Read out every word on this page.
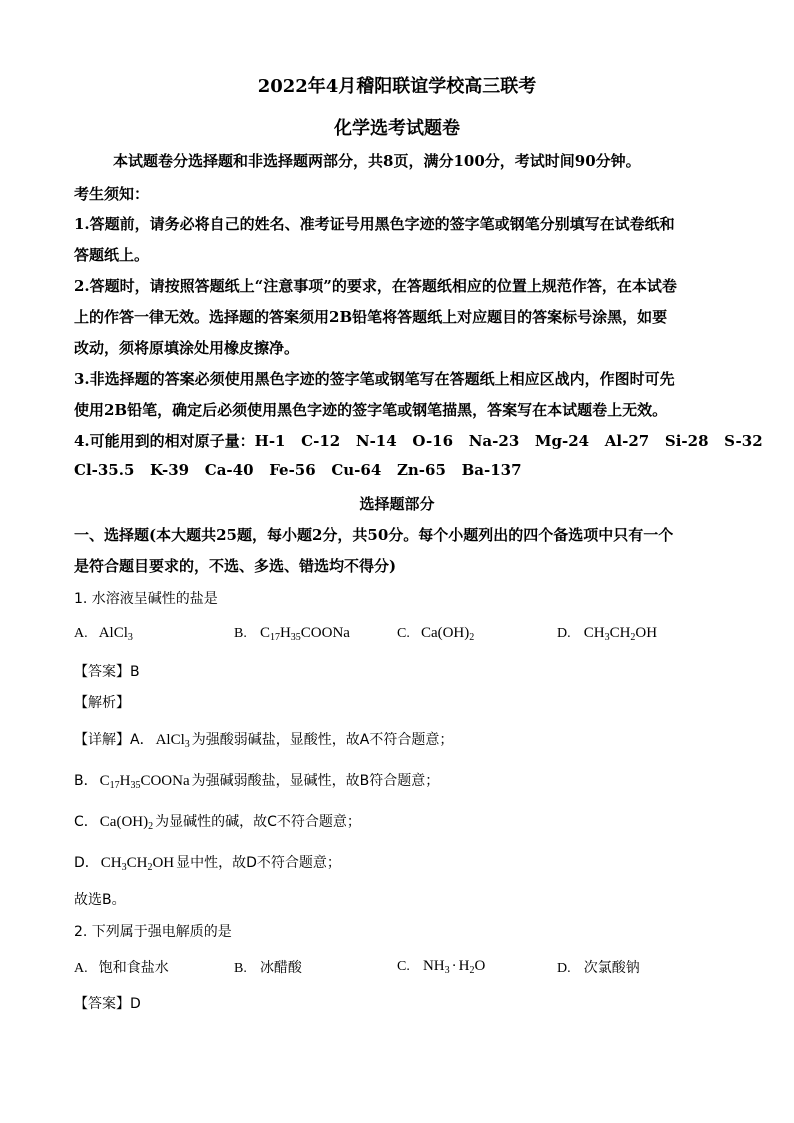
2022年4月稽阳联谊学校高三联考
化学选考试题卷
本试题卷分选择题和非选择题两部分，共8页，满分100分，考试时间90分钟。
考生须知：
1.答题前，请务必将自己的姓名、准考证号用黑色字迹的签字笔或钢笔分别填写在试卷纸和
答题纸上。
2.答题时，请按照答题纸上“注意事项”的要求，在答题纸相应的位置上规范作答，在本试卷
上的作答一律无效。选择题的答案须用2B铅笔将答题纸上对应题目的答案标号涂黑，如要
改动，须将原填涂处用橡皮擦净。
3.非选择题的答案必须使用黑色字迹的签字笔或钢笔写在答题纸上相应区战内，作图时可先
使用2B铅笔，确定后必须使用黑色字迹的签字笔或钢笔描黑，答案写在本试题卷上无效。
4.可能用到的相对原子量：H-1   C-12   N-14   O-16   Na-23   Mg-24   Al-27   Si-28   S-32
Cl-35.5   K-39   Ca-40   Fe-56   Cu-64   Zn-65   Ba-137
选择题部分
一、选择题(本大题共25题，每小题2分，共50分。每个小题列出的四个备选项中只有一个
是符合题目要求的，不选、多选、错选均不得分)
1. 水溶液呈碱性的盐是
A. AlCl$_3$	B. $C_{17}H_{35}COONa$	C. $Ca(OH)_2$	D. $CH_3CH_2OH$
【答案】B
【解析】
【详解】A． AlCl$_3$ 为强酸弱碱盐，显酸性，故A不符合题意；
B． $C_{17}H_{35}COONa$ 为强碱弱酸盐，显碱性，故B符合题意；
C． $Ca(OH)_2$ 为显碱性的碱，故C不符合题意；
D． $CH_3CH_2OH$ 显中性，故D不符合题意；
故选B。
2. 下列属于强电解质的是
A. 饱和食盐水	B. 冰醋酸	C. $NH_3 \cdot H_2O$	D. 次氯酸钠
【答案】D
